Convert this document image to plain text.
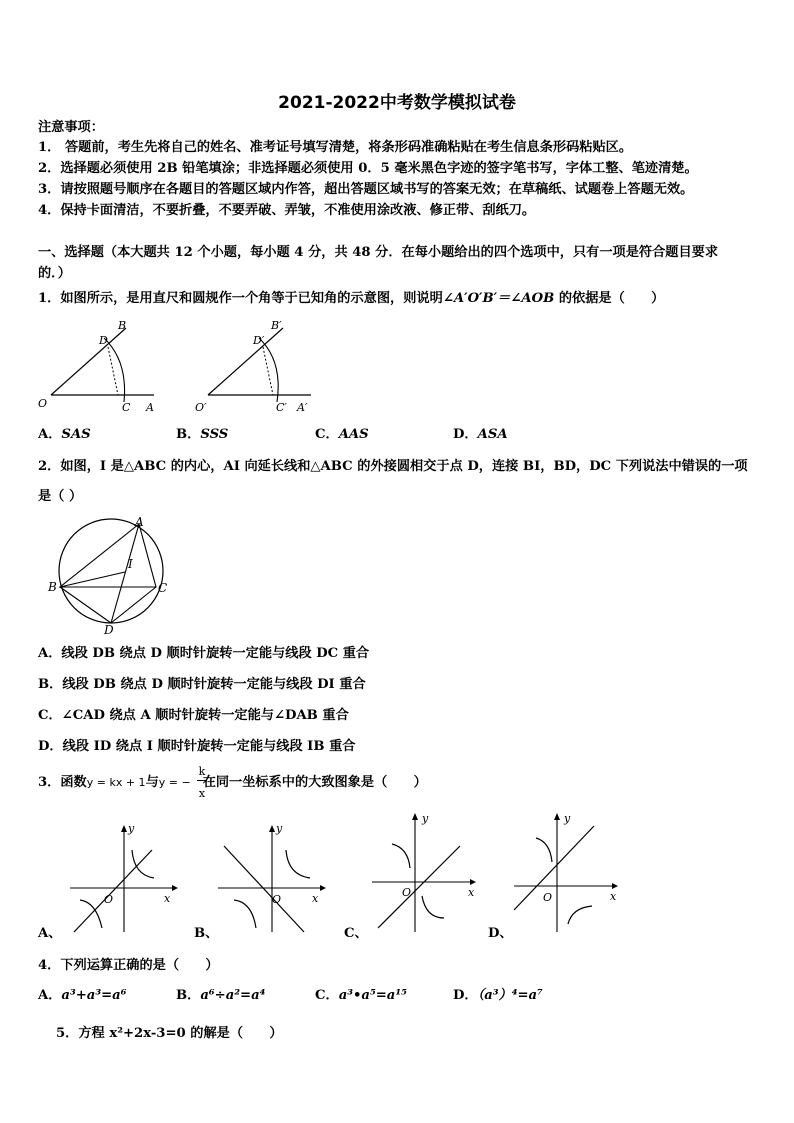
2021-2022中考数学模拟试卷
注意事项：
1． 答题前，考生先将自己的姓名、准考证号填写清楚，将条形码准确粘贴在考生信息条形码粘贴区。
2．选择题必须使用 2B 铅笔填涂；非选择题必须使用 0．5 毫米黑色字迹的签字笔书写，字体工整、笔迹清楚。
3．请按照题号顺序在各题目的答题区域内作答，超出答题区域书写的答案无效；在草稿纸、试题卷上答题无效。
4．保持卡面清洁，不要折叠，不要弄破、弄皱，不准使用涂改液、修正带、刮纸刀。
一、选择题（本大题共 12 个小题，每小题 4 分，共 48 分．在每小题给出的四个选项中，只有一项是符合题目要求
的．）
1．如图所示，是用直尺和圆规作一个角等于已知角的示意图，则说明∠A′O′B′＝∠AOB 的依据是（　　）
B
D
O	C A
B′
D′
O′	C′ A′
A．SAS	B．SSS	C．AAS	D．ASA
2．如图，I 是△ABC 的内心，AI 向延长线和△ABC 的外接圆相交于点 D，连接 BI，BD，DC 下列说法中错误的一项
是（ ）
A
B	C
D
I
A．线段 DB 绕点 D 顺时针旋转一定能与线段 DC 重合
B．线段 DB 绕点 D 顺时针旋转一定能与线段 DI 重合
C．∠CAD 绕点 A 顺时针旋转一定能与∠DAB 重合
D．线段 ID 绕点 I 顺时针旋转一定能与线段 IB 重合
3．函数y = kx + 1与y = − 在同一坐标系中的大致图象是（　　）
k
x
y
x
O
A、
y
x
O
B、
y
x
O
C、
y
x
O
D、
4．下列运算正确的是（　　）
A．a³+a³=a⁶	B．a⁶÷a²=a⁴	C．a³•a⁵=a¹⁵	D．（a³）⁴=a⁷
5．方程 x²+2x-3=0 的解是（　　）
